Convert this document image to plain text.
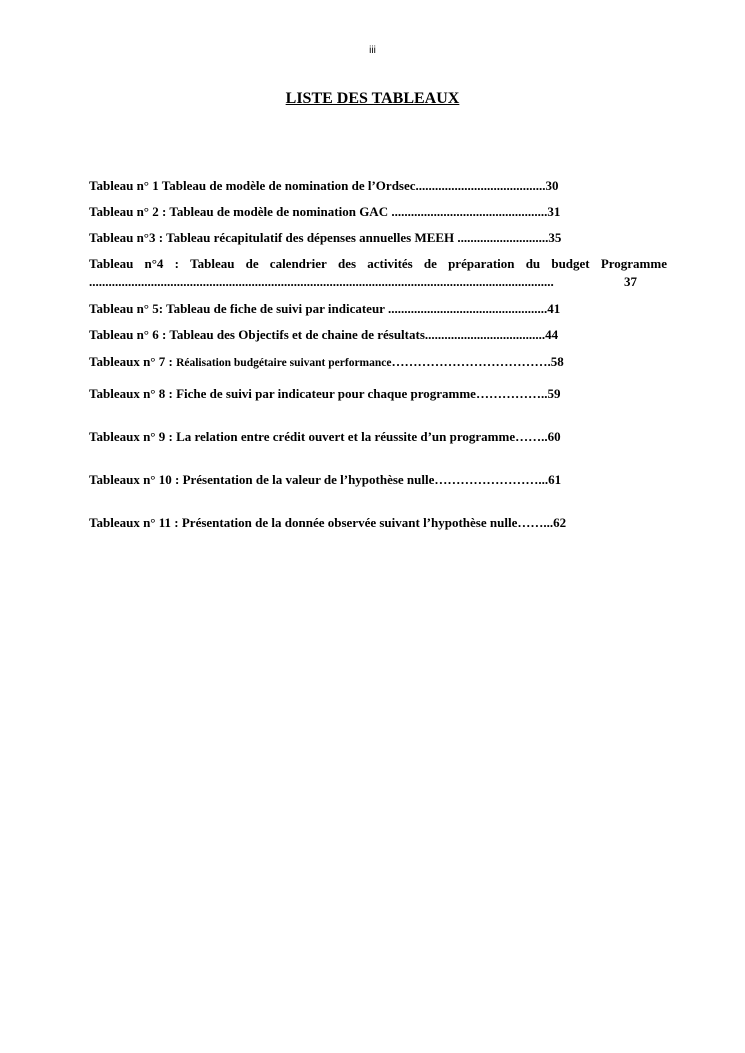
iii
LISTE DES TABLEAUX
Tableau n° 1 Tableau de modèle de nomination de l’Ordsec........................................30
Tableau n° 2 : Tableau de modèle de nomination GAC ................................................31
Tableau n°3 : Tableau récapitulatif des dépenses annuelles MEEH ............................35
Tableau n°4 : Tableau de calendrier des activités de préparation du budget Programme
...............................................................................................................................................	37
Tableau n° 5: Tableau de fiche de suivi par indicateur .................................................41
Tableau n° 6 : Tableau des Objectifs et de chaine de résultats.....................................44
Tableaux n° 7 : Réalisation budgétaire suivant performance……………………………….58
Tableaux n° 8 : Fiche de suivi par indicateur pour chaque programme……………..59
Tableaux n° 9 : La relation entre crédit ouvert et la réussite d’un programme……..60
Tableaux n° 10 : Présentation de la valeur de l’hypothèse nulle……………………...61
Tableaux n° 11 : Présentation de la donnée observée suivant l’hypothèse nulle……...62
